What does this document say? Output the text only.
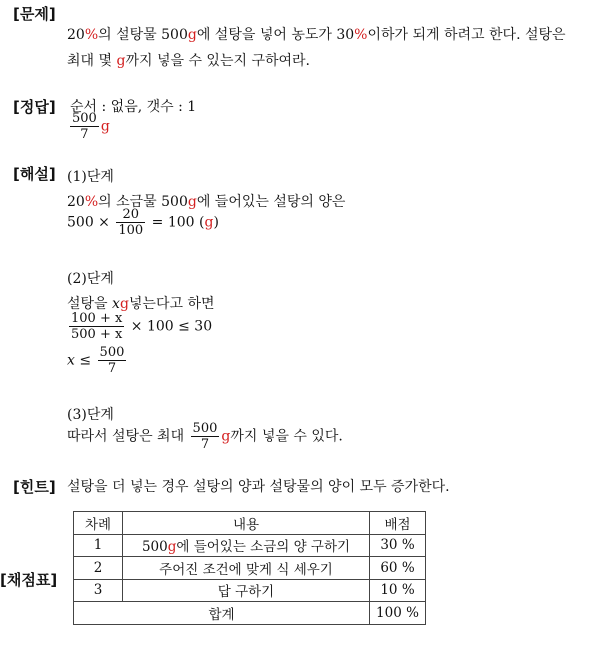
[문제]
20%의 설탕물 500g에 설탕을 넣어 농도가 30%이하가 되게 하려고 한다. 설탕은
최대 몇 g까지 넣을 수 있는지 구하여라.
[정답] 순서 : 없음, 갯수 : 1
$\frac{500}{7}$ g
[해설] (1)단계
20%의 소금물 500g에 들어있는 설탕의 양은
$500 \times \frac{20}{100} = 100$ (g)
(2)단계
설탕을 xg넣는다고 하면
$\frac{100 + x}{500 + x} \times 100 \le 30$
$x \le \frac{500}{7}$
(3)단계
따라서 설탕은 최대 $\frac{500}{7}$ g까지 넣을 수 있다.
[힌트] 설탕을 더 넣는 경우 설탕의 양과 설탕물의 양이 모두 증가한다.
[채점표]
차례	내용	배점
1	500g에 들어있는 소금의 양 구하기	30 %
2	주어진 조건에 맞게 식 세우기	60 %
3	답 구하기	10 %
합계		100 %
